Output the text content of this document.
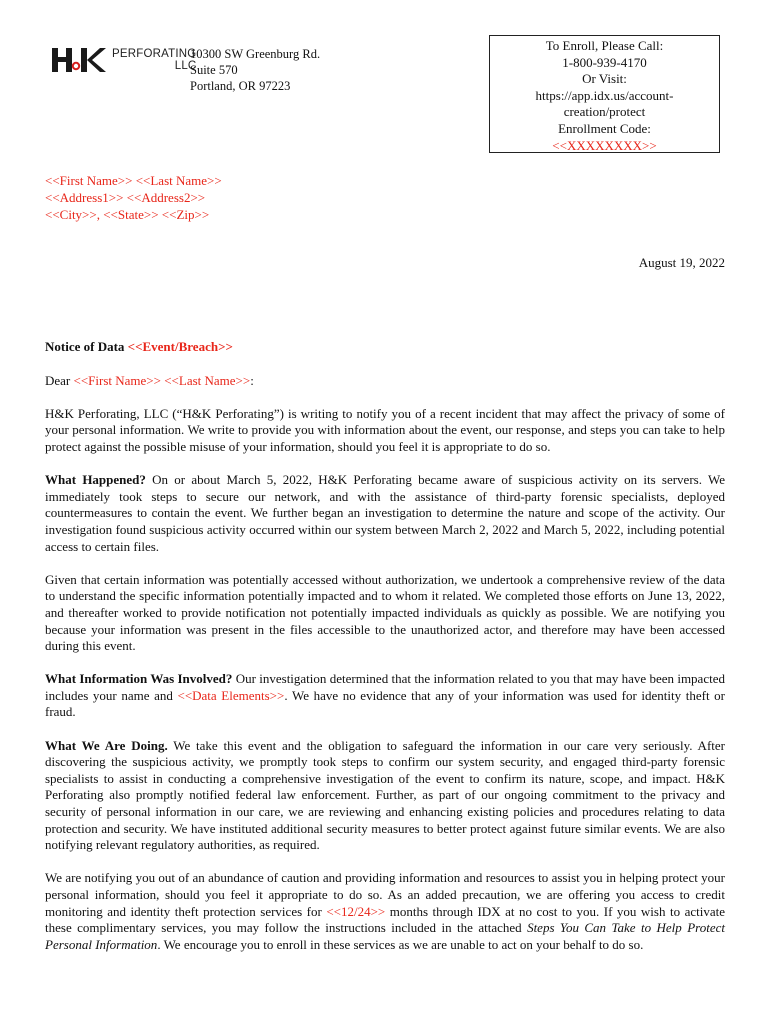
PERFORATING
LLC
10300 SW Greenburg Rd.
Suite 570
Portland, OR 97223
To Enroll, Please Call:
1-800-939-4170
Or Visit:
https://app.idx.us/account-
creation/protect
Enrollment Code:
<<XXXXXXXX>>
<<First Name>> <<Last Name>>
<<Address1>> <<Address2>>
<<City>>, <<State>> <<Zip>>
August 19, 2022

Notice of Data <<Event/Breach>>

Dear <<First Name>> <<Last Name>>:

H&K Perforating, LLC (“H&K Perforating”) is writing to notify you of a recent incident that may affect the privacy of some of your personal information. We write to provide you with information about the event, our response, and steps you can take to help protect against the possible misuse of your information, should you feel it is appropriate to do so.

What Happened? On or about March 5, 2022, H&K Perforating became aware of suspicious activity on its servers. We immediately took steps to secure our network, and with the assistance of third-party forensic specialists, deployed countermeasures to contain the event. We further began an investigation to determine the nature and scope of the activity. Our investigation found suspicious activity occurred within our system between March 2, 2022 and March 5, 2022, including potential access to certain files.

Given that certain information was potentially accessed without authorization, we undertook a comprehensive review of the data to understand the specific information potentially impacted and to whom it related. We completed those efforts on June 13, 2022, and thereafter worked to provide notification not potentially impacted individuals as quickly as possible. We are notifying you because your information was present in the files accessible to the unauthorized actor, and therefore may have been accessed during this event.

What Information Was Involved? Our investigation determined that the information related to you that may have been impacted includes your name and <<Data Elements>>. We have no evidence that any of your information was used for identity theft or fraud.

What We Are Doing. We take this event and the obligation to safeguard the information in our care very seriously. After discovering the suspicious activity, we promptly took steps to confirm our system security, and engaged third-party forensic specialists to assist in conducting a comprehensive investigation of the event to confirm its nature, scope, and impact. H&K Perforating also promptly notified federal law enforcement. Further, as part of our ongoing commitment to the privacy and security of personal information in our care, we are reviewing and enhancing existing policies and procedures relating to data protection and security. We have instituted additional security measures to better protect against future similar events. We are also notifying relevant regulatory authorities, as required.

We are notifying you out of an abundance of caution and providing information and resources to assist you in helping protect your personal information, should you feel it appropriate to do so. As an added precaution, we are offering you access to credit monitoring and identity theft protection services for <<12/24>> months through IDX at no cost to you. If you wish to activate these complimentary services, you may follow the instructions included in the attached Steps You Can Take to Help Protect Personal Information. We encourage you to enroll in these services as we are unable to act on your behalf to do so.
